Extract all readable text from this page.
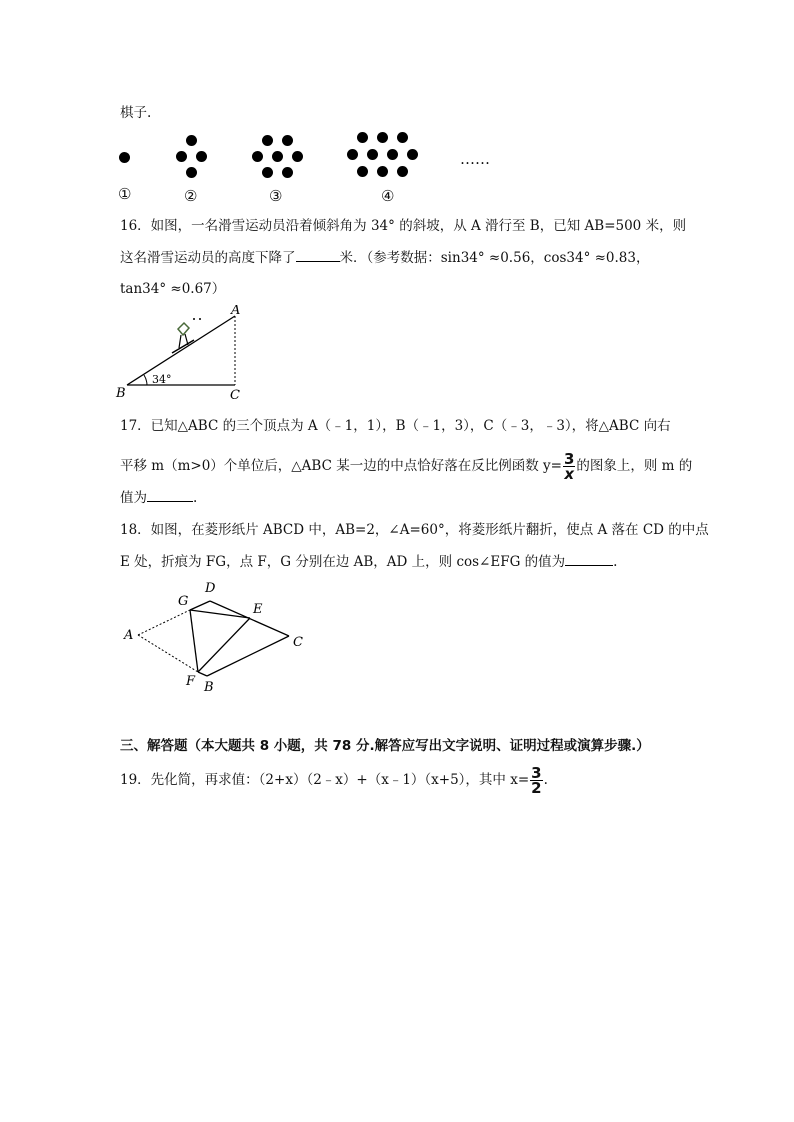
棋子.
……
①	②	③	④
16．如图，一名滑雪运动员沿着倾斜角为 34° 的斜坡，从 A 滑行至 B，已知 AB=500 米，则
这名滑雪运动员的高度下降了	米．（参考数据：sin34° ≈0.56，cos34° ≈0.83，
tan34° ≈0.67）
A
B	C
34°
17．已知△ABC 的三个顶点为 A（﹣1，1），B（﹣1，3），C（﹣3，﹣3），将△ABC 向右
平移 m（m>0）个单位后，△ABC 某一边的中点恰好落在反比例函数 $y= \frac{3}{x}$ 的图象上，则 m 的
值为	.
18．如图，在菱形纸片 ABCD 中，AB=2，∠A=60°，将菱形纸片翻折，使点 A 落在 CD 的中点
E 处，折痕为 FG，点 F，G 分别在边 AB，AD 上，则 cos∠EFG 的值为	.
A
D
G
E
C
F B
三、解答题（本大题共 8 小题，共 78 分.解答应写出文字说明、证明过程或演算步骤.）
19．先化简，再求值：（2+x）（2﹣x）+（x﹣1）（x+5），其中 $x= \frac{3}{2}$ .
